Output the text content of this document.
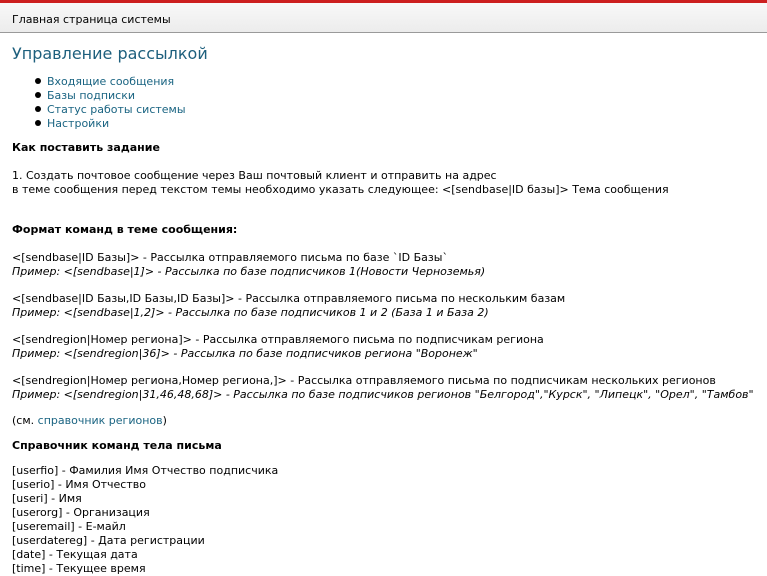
Главная страница системы
Управление рассылкой
Входящие сообщения
Базы подписки
Статус работы системы
Настройки
Как поставить задание
1. Создать почтовое сообщение через Ваш почтовый клиент и отправить на адрес
в теме сообщения перед текстом темы необходимо указать следующее: <[sendbase|ID базы]> Тема сообщения
Формат команд в теме сообщения:
<[sendbase|ID Базы]> - Рассылка отправляемого письма по базе `ID Базы`
Пример: <[sendbase|1]> - Рассылка по базе подписчиков 1(Новости Черноземья)
<[sendbase|ID Базы,ID Базы,ID Базы]> - Рассылка отправляемого письма по нескольким базам
Пример: <[sendbase|1,2]> - Рассылка по базе подписчиков 1 и 2 (База 1 и База 2)
<[sendregion|Номер региона]> - Рассылка отправляемого письма по подписчикам региона
Пример: <[sendregion|36]> - Рассылка по базе подписчиков региона "Воронеж"
<[sendregion|Номер региона,Номер региона,]> - Рассылка отправляемого письма по подписчикам нескольких регионов
Пример: <[sendregion|31,46,48,68]> - Рассылка по базе подписчиков регионов "Белгород","Курск", "Липецк", "Орел", "Тамбов"
(см. справочник регионов)
Справочник команд тела письма
[userfio] - Фамилия Имя Отчество подписчика
[userio] - Имя Отчество
[useri] - Имя
[userorg] - Организация
[useremail] - E-майл
[userdatereg] - Дата регистрации
[date] - Текущая дата
[time] - Текущее время
